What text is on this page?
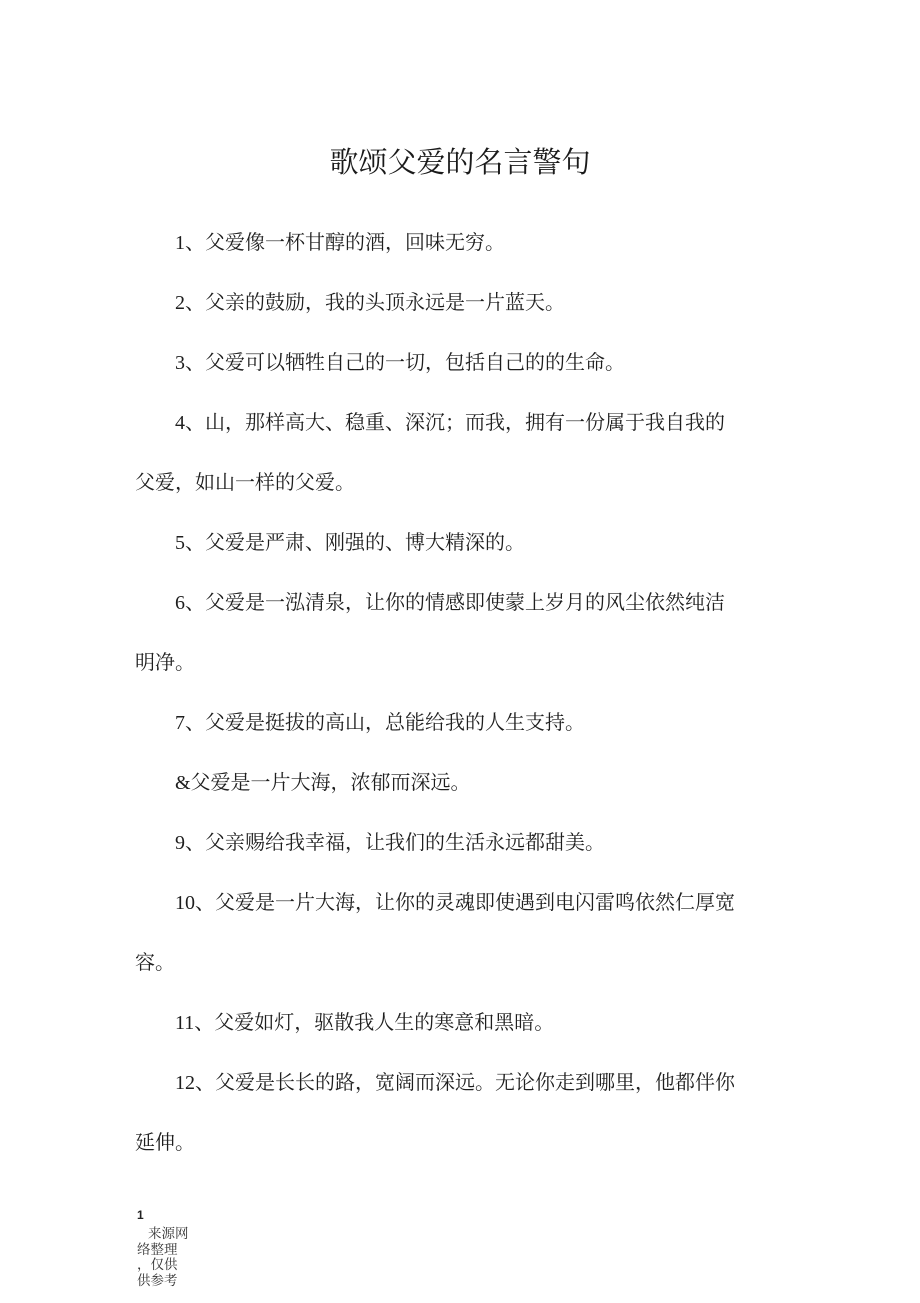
歌颂父爱的名言警句

1、父爱像一杯甘醇的酒，回味无穷。

2、父亲的鼓励，我的头顶永远是一片蓝天。

3、父爱可以牺牲自己的一切，包括自己的的生命。

4、山，那样高大、稳重、深沉；而我，拥有一份属于我自我的父爱，如山一样的父爱。

5、父爱是严肃、刚强的、博大精深的。

6、父爱是一泓清泉，让你的情感即使蒙上岁月的风尘依然纯洁明净。

7、父爱是挺拔的高山，总能给我的人生支持。

&父爱是一片大海，浓郁而深远。

9、父亲赐给我幸福，让我们的生活永远都甜美。

10、父爱是一片大海，让你的灵魂即使遇到电闪雷鸣依然仁厚宽容。

11、父爱如灯，驱散我人生的寒意和黑暗。

12、父爱是长长的路，宽阔而深远。无论你走到哪里，他都伴你延伸。

1
来源网络整理，仅供供参考
